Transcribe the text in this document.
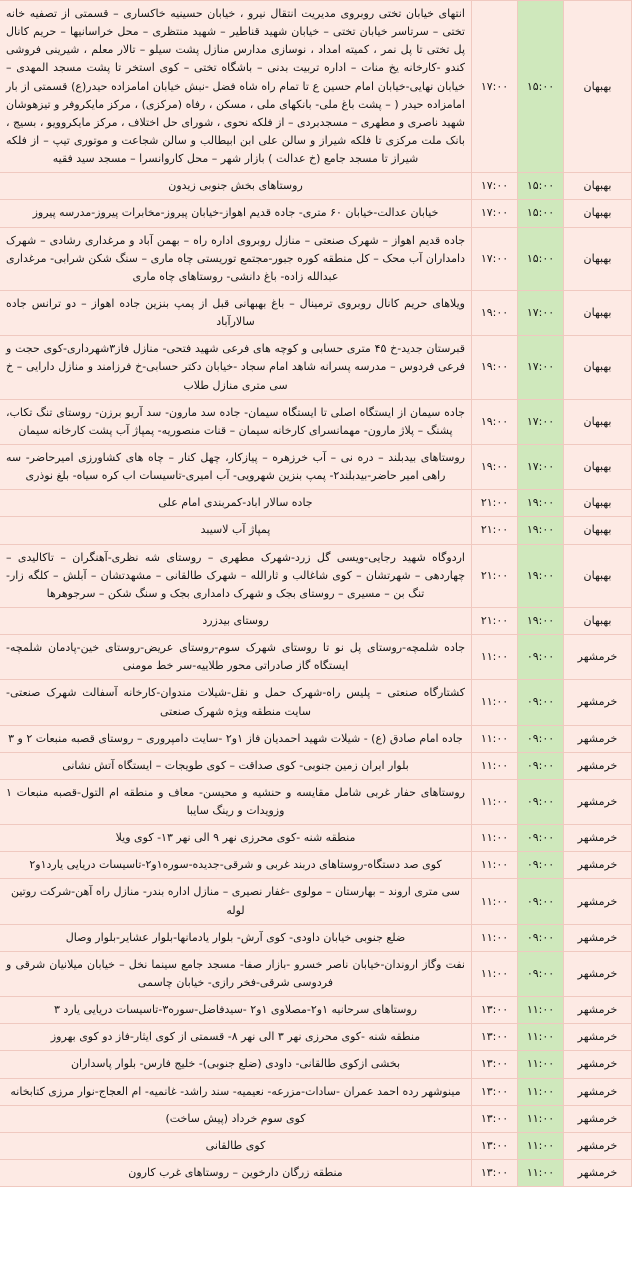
بهبهان	۱۵:۰۰	۱۷:۰۰	انتهای خیابان تختی روبروی مدیریت انتقال نیرو ، خیابان حسینیه خاکساری – قسمتی از تصفیه خانه تختی – سرتاسر خیابان تختی – خیابان شهید قناطیر – شهید منتظری – محل خراسانیها – حریم کانال پل تختی تا پل نمر ، کمیته امداد ، نوسازی مدارس منازل پشت سیلو – تالار معلم ، شیرینی فروشی کندو -کارخانه یخ منات – اداره تربیت بدنی – باشگاه تختی – کوی استخر تا پشت مسجد المهدی – خیابان نهایی-خیابان امام حسین ع تا تمام راه شاه فضل -نبش خیابان امامزاده حیدر(ع) قسمتی از بار امامزاده حیدر ( – پشت باغ ملی- بانکهای ملی ، مسکن ، رفاه (مرکزی) ، مرکز مایکروفر و تیزهوشان شهید ناصری و مطهری – مسجدبردی – از فلکه نحوی ، شورای حل اختلاف ، مرکز مایکروویو ، بسیج ، بانک ملت مرکزی تا فلکه شیراز و سالن علی ابن ابیطالب و سالن شجاعت و موتوری تیپ – از فلکه شیراز تا مسجد جامع (خ عدالت ) بازار شهر – محل کاروانسرا – مسجد سید فقیه
بهبهان	۱۵:۰۰	۱۷:۰۰	روستاهای بخش جنوبی زیدون
بهبهان	۱۵:۰۰	۱۷:۰۰	خیابان عدالت-خیابان ۶۰ متری- جاده قدیم اهواز-خیابان پیروز-مخابرات پیروز-مدرسه پیروز
بهبهان	۱۵:۰۰	۱۷:۰۰	جاده قدیم اهواز – شهرک صنعتی – منازل روبروی اداره راه – بهمن آباد و مرغداری رشادی – شهرک دامداران آب محک – کل منطقه کوره جبور-مجتمع توریستی چاه ماری – سنگ شکن شرابی- مرغداری عبدالله زاده- باغ دانشی- روستاهای چاه ماری
بهبهان	۱۷:۰۰	۱۹:۰۰	ویلاهای حریم کانال روبروی ترمینال – باغ بهبهانی قبل از پمپ بنزین جاده اهواز – دو ترانس جاده سالارآباد
بهبهان	۱۷:۰۰	۱۹:۰۰	قبرستان جدید-خ ۴۵ متری حسابی و کوچه های فرعی شهید فتحی- منازل فاز۳شهرداری-کوی حجت و فرعی فردوس – مدرسه پسرانه شاهد امام سجاد -خیابان دکتر حسابی-خ فرزامند و منازل دارایی – خ سی متری منازل طلاب
بهبهان	۱۷:۰۰	۱۹:۰۰	جاده سیمان از ایستگاه اصلی تا ایستگاه سیمان- جاده سد مارون- سد آریو برزن- روستای تنگ تکاب، پشنگ – پلاژ مارون- مهمانسرای کارخانه سیمان – قنات منصوریه- پمپاژ آب پشت کارخانه سیمان
بهبهان	۱۷:۰۰	۱۹:۰۰	روستاهای بیدبلند – دره نی – آب خرزهره – پیازکار، چهل کنار – چاه های کشاورزی امیرحاضر- سه راهی امیر حاضر-بیدبلند۲- پمپ بنزین شهرویی- آب امیری-تاسیسات اب کره سیاه- بلغ نوذری
بهبهان	۱۹:۰۰	۲۱:۰۰	جاده سالار اباد-کمربندی امام علی
بهبهان	۱۹:۰۰	۲۱:۰۰	پمپاژ آب لاسیبد
بهبهان	۱۹:۰۰	۲۱:۰۰	اردوگاه شهید رجایی-ویسی گل زرد-شهرک مطهری – روستای شه نظری-آهنگران – تاکالیدی – چهاردهی – شهرتشان – کوی شاغالب و ثارالله – شهرک طالقانی – مشهدتشان – آبلش – کلگه زار- تنگ بن – مسیری – روستای بجک و شهرک دامداری بجک و سنگ شکن – سرجوهرها
بهبهان	۱۹:۰۰	۲۱:۰۰	روستای بیدزرد
خرمشهر	۰۹:۰۰	۱۱:۰۰	جاده شلمچه-روستای پل نو تا روستای شهرک سوم-روستای عریض-روستای خین-پادمان شلمچه- ایستگاه گاز صادراتی محور طلاییه-سر خط مومنی
خرمشهر	۰۹:۰۰	۱۱:۰۰	کشتارگاه صنعتی – پلیس راه-شهرک حمل و نقل-شیلات مندوان-کارخانه آسفالت شهرک صنعتی-سایت منطقه ویژه شهرک صنعتی
خرمشهر	۰۹:۰۰	۱۱:۰۰	جاده امام صادق (ع) - شیلات شهید احمدیان فاز ۱و۲ -سایت دامپروری – روستای قصبه منبعات ۲ و ۳
خرمشهر	۰۹:۰۰	۱۱:۰۰	بلوار ایران زمین جنوبی- کوی صداقت – کوی طویجات – ایستگاه آتش نشانی
خرمشهر	۰۹:۰۰	۱۱:۰۰	روستاهای حفار غربی شامل مقایسه و حنشیه و محیسن- معاف و منطقه ام التول-قصبه منبعات ۱ وزویدات و رینگ سایبا
خرمشهر	۰۹:۰۰	۱۱:۰۰	منطقه شنه -کوی محرزی نهر ۹ الی نهر ۱۳- کوی ویلا
خرمشهر	۰۹:۰۰	۱۱:۰۰	کوی صد دستگاه-روستاهای دربند غربی و شرقی-جدیده-سوره۱و۲-تاسیسات دریایی یارد۱و۲
خرمشهر	۰۹:۰۰	۱۱:۰۰	سی متری اروند – بهارستان – مولوی -غفار نصیری – منازل اداره بندر- منازل راه آهن-شرکت روتین لوله
خرمشهر	۰۹:۰۰	۱۱:۰۰	ضلع جنوبی خیابان داودی- کوی آرش- بلوار یادمانها-بلوار عشایر-بلوار وصال
خرمشهر	۰۹:۰۰	۱۱:۰۰	نفت وگاز اروندان-خیابان ناصر خسرو -بازار صفا- مسجد جامع سینما نخل – خیابان میلانیان شرقی و فردوسی شرقی-فخر رازی- خیابان چاسمی
خرمشهر	۱۱:۰۰	۱۳:۰۰	روستاهای سرحانیه ۱و۲-مصلاوی ۱و۲ -سیدفاضل-سوره۳-تاسیسات دریایی یارد ۳
خرمشهر	۱۱:۰۰	۱۳:۰۰	منطقه شنه -کوی محرزی نهر ۳ الی نهر ۸- قسمتی از کوی ایثار-فاز دو کوی بهروز
خرمشهر	۱۱:۰۰	۱۳:۰۰	بخشی ازکوی طالقانی- داودی (ضلع جنوبی)- خلیج فارس- بلوار پاسداران
خرمشهر	۱۱:۰۰	۱۳:۰۰	مینوشهر رده احمد عمران -سادات-مزرعه- نعیمیه- سند راشد- غانمیه- ام العجاج-نوار مرزی کتابخانه
خرمشهر	۱۱:۰۰	۱۳:۰۰	کوی سوم خرداد (پیش ساخت)
خرمشهر	۱۱:۰۰	۱۳:۰۰	کوی طالقانی
خرمشهر	۱۱:۰۰	۱۳:۰۰	منطقه زرگان دارخوین – روستاهای غرب کارون
